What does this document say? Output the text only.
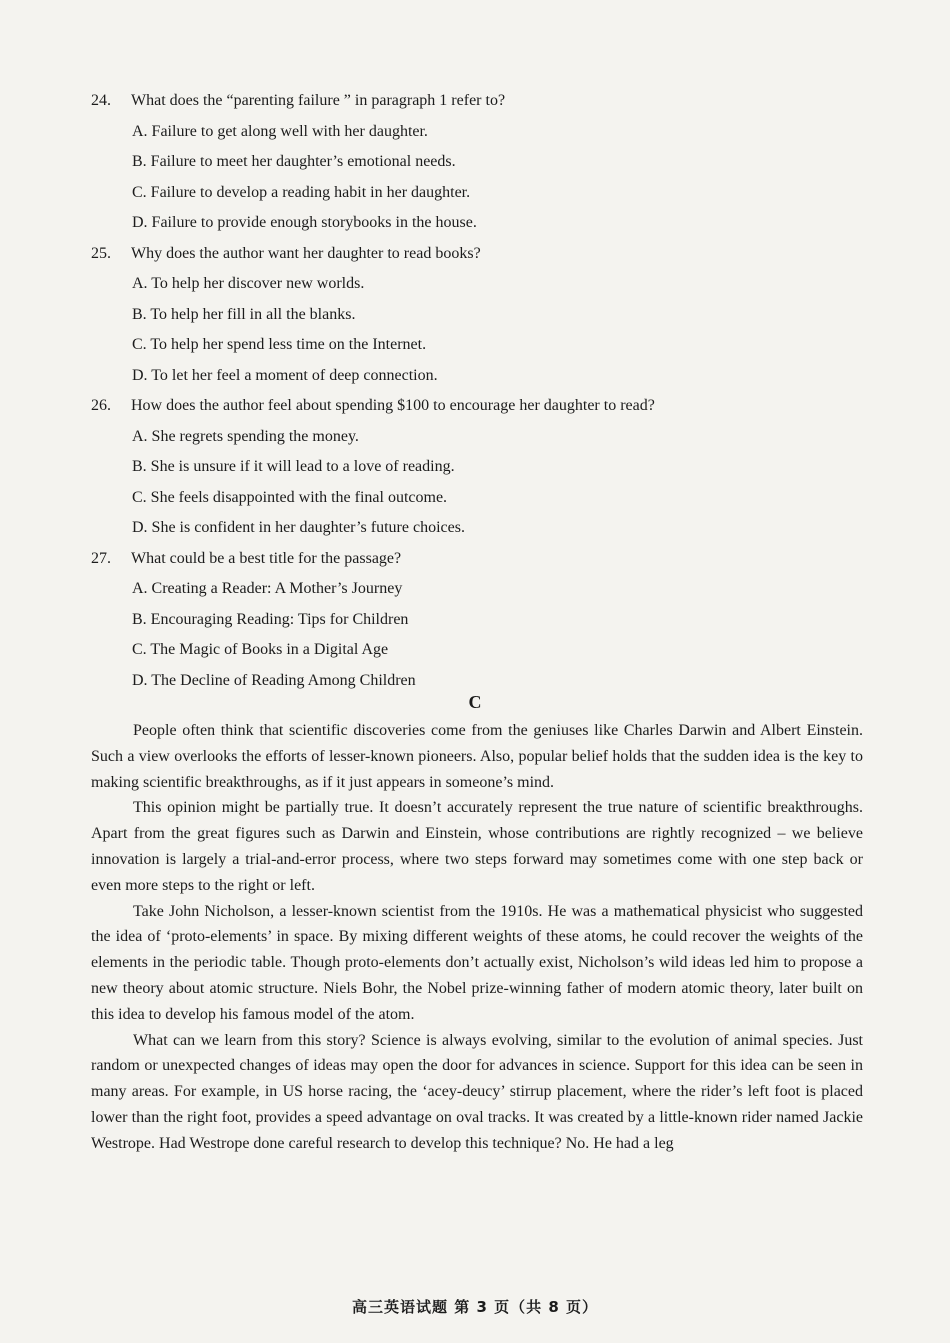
24.	What does the “parenting failure ” in paragraph 1 refer to?
A. Failure to get along well with her daughter.
B. Failure to meet her daughter’s emotional needs.
C. Failure to develop a reading habit in her daughter.
D. Failure to provide enough storybooks in the house.
25.	Why does the author want her daughter to read books?
A. To help her discover new worlds.
B. To help her fill in all the blanks.
C. To help her spend less time on the Internet.
D. To let her feel a moment of deep connection.
26.	How does the author feel about spending $100 to encourage her daughter to read?
A. She regrets spending the money.
B. She is unsure if it will lead to a love of reading.
C. She feels disappointed with the final outcome.
D. She is confident in her daughter’s future choices.
27.	What could be a best title for the passage?
A. Creating a Reader: A Mother’s Journey
B. Encouraging Reading: Tips for Children
C. The Magic of Books in a Digital Age
D. The Decline of Reading Among Children
C

People often think that scientific discoveries come from the geniuses like Charles Darwin and Albert Einstein. Such a view overlooks the efforts of lesser-known pioneers. Also, popular belief holds that the sudden idea is the key to making scientific breakthroughs, as if it just appears in someone’s mind.

This opinion might be partially true. It doesn’t accurately represent the true nature of scientific breakthroughs. Apart from the great figures such as Darwin and Einstein, whose contributions are rightly recognized – we believe innovation is largely a trial-and-error process, where two steps forward may sometimes come with one step back or even more steps to the right or left.

Take John Nicholson, a lesser-known scientist from the 1910s. He was a mathematical physicist who suggested the idea of ‘proto-elements’ in space. By mixing different weights of these atoms, he could recover the weights of the elements in the periodic table. Though proto-elements don’t actually exist, Nicholson’s wild ideas led him to propose a new theory about atomic structure. Niels Bohr, the Nobel prize-winning father of modern atomic theory, later built on this idea to develop his famous model of the atom.

What can we learn from this story? Science is always evolving, similar to the evolution of animal species. Just random or unexpected changes of ideas may open the door for advances in science. Support for this idea can be seen in many areas. For example, in US horse racing, the ‘acey-deucy’ stirrup placement, where the rider’s left foot is placed lower than the right foot, provides a speed advantage on oval tracks. It was created by a little-known rider named Jackie Westrope. Had Westrope done careful research to develop this technique? No. He had a leg

高三英语试题 第 3 页（共 8 页）
